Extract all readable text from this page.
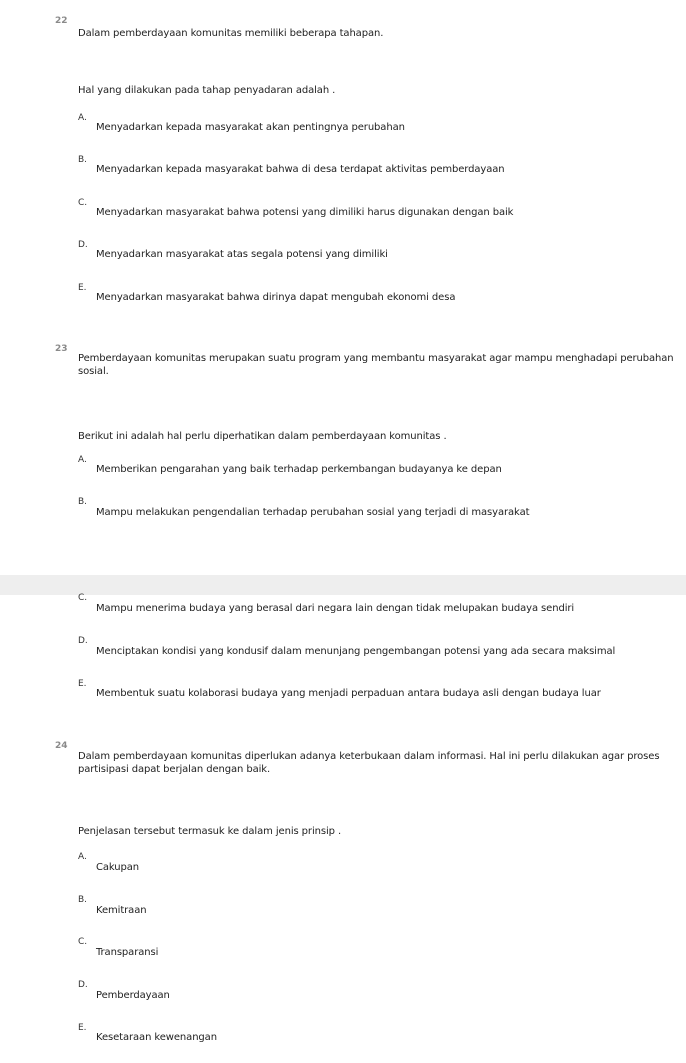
22
Dalam pemberdayaan komunitas memiliki beberapa tahapan.
Hal yang dilakukan pada tahap penyadaran adalah .
A.
Menyadarkan kepada masyarakat akan pentingnya perubahan
B.
Menyadarkan kepada masyarakat bahwa di desa terdapat aktivitas pemberdayaan
C.
Menyadarkan masyarakat bahwa potensi yang dimiliki harus digunakan dengan baik
D.
Menyadarkan masyarakat atas segala potensi yang dimiliki
E.
Menyadarkan masyarakat bahwa dirinya dapat mengubah ekonomi desa
23
Pemberdayaan komunitas merupakan suatu program yang membantu masyarakat agar mampu menghadapi perubahan sosial.
Berikut ini adalah hal perlu diperhatikan dalam pemberdayaan komunitas .
A.
Memberikan pengarahan yang baik terhadap perkembangan budayanya ke depan
B.
Mampu melakukan pengendalian terhadap perubahan sosial yang terjadi di masyarakat
C.
Mampu menerima budaya yang berasal dari negara lain dengan tidak melupakan budaya sendiri
D.
Menciptakan kondisi yang kondusif dalam menunjang pengembangan potensi yang ada secara maksimal
E.
Membentuk suatu kolaborasi budaya yang menjadi perpaduan antara budaya asli dengan budaya luar
24
Dalam pemberdayaan komunitas diperlukan adanya keterbukaan dalam informasi. Hal ini perlu dilakukan agar proses partisipasi dapat berjalan dengan baik.
Penjelasan tersebut termasuk ke dalam jenis prinsip .
A.
Cakupan
B.
Kemitraan
C.
Transparansi
D.
Pemberdayaan
E.
Kesetaraan kewenangan
